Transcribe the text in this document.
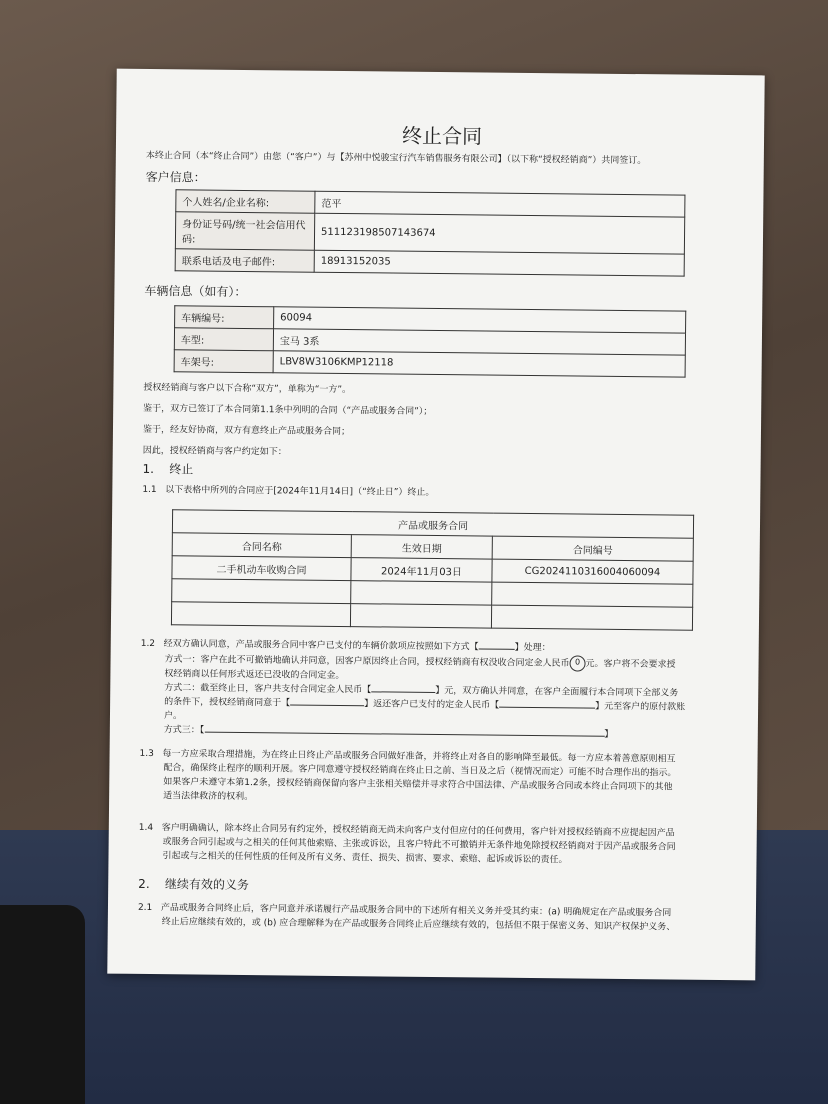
终止合同
本终止合同（本“终止合同”）由您（“客户”）与【苏州中悦骏宝行汽车销售服务有限公司】（以下称“授权经销商”）共同签订。
客户信息：
个人姓名/企业名称:	范平
身份证号码/统一社会信用代码:	511123198507143674
联系电话及电子邮件:	18913152035
车辆信息（如有）：
车辆编号:	60094
车型:	宝马 3系
车架号:	LBV8W3106KMP12118
授权经销商与客户以下合称“双方”，单称为“一方”。
鉴于，双方已签订了本合同第1.1条中列明的合同（“产品或服务合同”）；
鉴于，经友好协商，双方有意终止产品或服务合同；
因此，授权经销商与客户约定如下：
1. 终止
1.1 以下表格中所列的合同应于[2024年11月14日]（“终止日”）终止。
产品或服务合同		
合同名称	生效日期	合同编号
二手机动车收购合同	2024年11月03日	CG2024110316004060094

1.2 经双方确认同意，产品或服务合同中客户已支付的车辆价款项应按照如下方式【	】处理：
方式一：客户在此不可撤销地确认并同意，因客户原因终止合同，授权经销商有权没收合同定金人民币 0 元。客户将不会要求授
权经销商以任何形式返还已没收的合同定金。
方式二：截至终止日，客户共支付合同定金人民币【	】元，双方确认并同意，在客户全面履行本合同项下全部义务
的条件下，授权经销商同意于【	】返还客户已支付的定金人民币【	】元至客户的原付款账
户。
方式三：【	】
1.3 每一方应采取合理措施，为在终止日终止产品或服务合同做好准备，并将终止对各自的影响降至最低。每一方应本着善意原则相互
配合，确保终止程序的顺利开展。客户同意遵守授权经销商在终止日之前、当日及之后（视情况而定）可能不时合理作出的指示。
如果客户未遵守本第1.2条，授权经销商保留向客户主张相关赔偿并寻求符合中国法律、产品或服务合同或本终止合同项下的其他
适当法律救济的权利。
1.4 客户明确确认，除本终止合同另有约定外，授权经销商无尚未向客户支付但应付的任何费用，客户针对授权经销商不应提起因产品
或服务合同引起或与之相关的任何其他索赔、主张或诉讼，且客户特此不可撤销并无条件地免除授权经销商对于因产品或服务合同
引起或与之相关的任何性质的任何及所有义务、责任、损失、损害、要求、索赔、起诉或诉讼的责任。
2. 继续有效的义务
2.1 产品或服务合同终止后，客户同意并承诺履行产品或服务合同中的下述所有相关义务并受其约束：(a) 明确规定在产品或服务合同
终止后应继续有效的，或 (b) 应合理解释为在产品或服务合同终止后应继续有效的，包括但不限于保密义务、知识产权保护义务、
